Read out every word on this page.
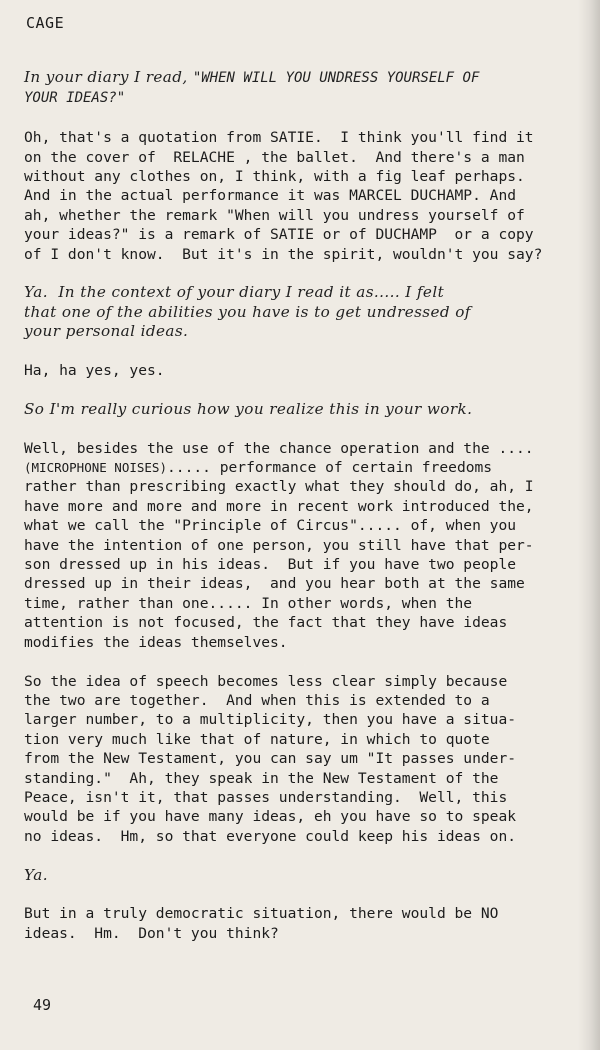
CAGE
In your diary I read, "WHEN WILL YOU UNDRESS YOURSELF OF
YOUR IDEAS?"
Oh, that's a quotation from SATIE.  I think you'll find it
on the cover of  RELACHE , the ballet.  And there's a man
without any clothes on, I think, with a fig leaf perhaps.
And in the actual performance it was MARCEL DUCHAMP. And
ah, whether the remark "When will you undress yourself of
your ideas?" is a remark of SATIE or of DUCHAMP  or a copy
of I don't know.  But it's in the spirit, wouldn't you say?
Ya.  In the context of your diary I read it as..... I felt
that one of the abilities you have is to get undressed of
your personal ideas.
Ha, ha yes, yes.
So I'm really curious how you realize this in your work.
Well, besides the use of the chance operation and the ....
(MICROPHONE NOISES)..... performance of certain freedoms
rather than prescribing exactly what they should do, ah, I
have more and more and more in recent work introduced the,
what we call the "Principle of Circus"..... of, when you
have the intention of one person, you still have that per-
son dressed up in his ideas.  But if you have two people
dressed up in their ideas,  and you hear both at the same
time, rather than one..... In other words, when the
attention is not focused, the fact that they have ideas
modifies the ideas themselves.
So the idea of speech becomes less clear simply because
the two are together.  And when this is extended to a
larger number, to a multiplicity, then you have a situa-
tion very much like that of nature, in which to quote
from the New Testament, you can say um "It passes under-
standing."  Ah, they speak in the New Testament of the
Peace, isn't it, that passes understanding.  Well, this
would be if you have many ideas, eh you have so to speak
no ideas.  Hm, so that everyone could keep his ideas on.
Ya.
But in a truly democratic situation, there would be NO
ideas.  Hm.  Don't you think?
49
